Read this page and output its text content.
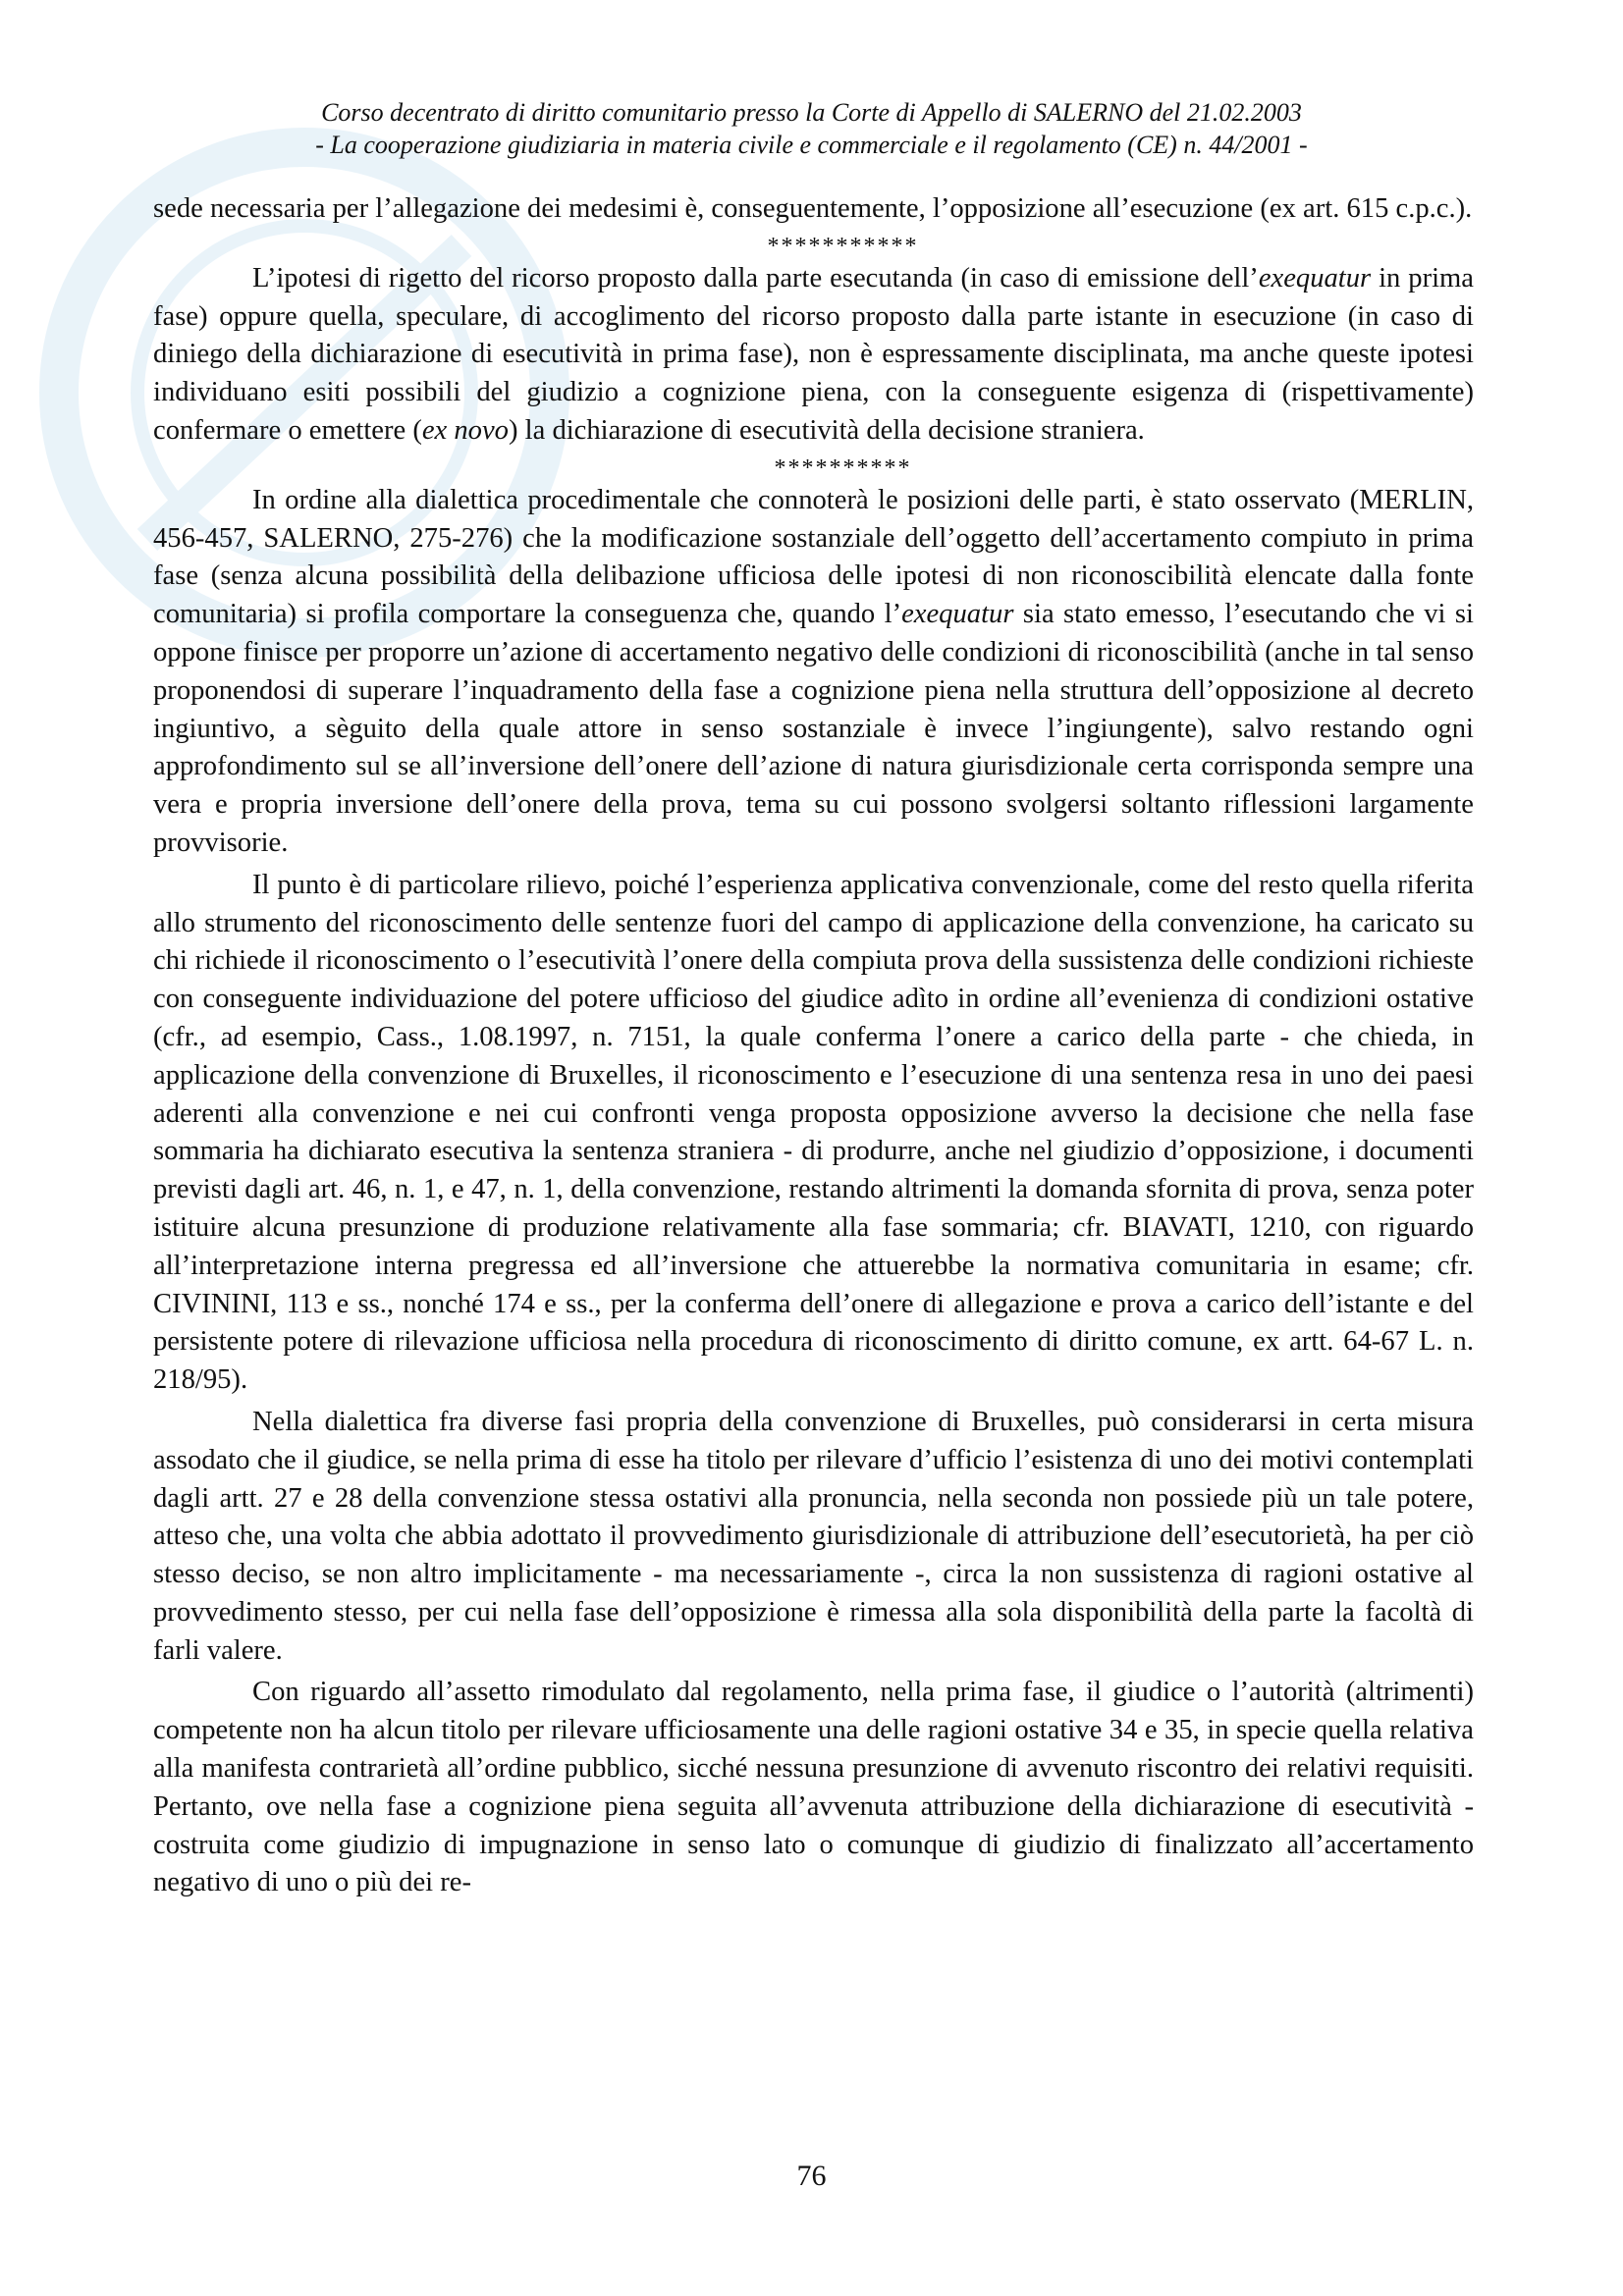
Corso decentrato di diritto comunitario presso la Corte di Appello di SALERNO del 21.02.2003
- La cooperazione giudiziaria in materia civile e commerciale e il regolamento (CE) n. 44/2001 -

sede necessaria per l’allegazione dei medesimi è, conseguentemente, l’opposizione all’esecuzione (ex art. 615 c.p.c.).

***********

L’ipotesi di rigetto del ricorso proposto dalla parte esecutanda (in caso di emissione dell’exequatur in prima fase) oppure quella, speculare, di accoglimento del ricorso proposto dalla parte istante in esecuzione (in caso di diniego della dichiarazione di esecutività in prima fase), non è espressamente disciplinata, ma anche queste ipotesi individuano esiti possibili del giudizio a cognizione piena, con la conseguente esigenza di (rispettivamente) confermare o emettere (ex novo) la dichiarazione di esecutività della decisione straniera.

**********

In ordine alla dialettica procedimentale che connoterà le posizioni delle parti, è stato osservato (MERLIN, 456-457, SALERNO, 275-276) che la modificazione sostanziale dell’oggetto dell’accertamento compiuto in prima fase (senza alcuna possibilità della delibazione ufficiosa delle ipotesi di non riconoscibilità elencate dalla fonte comunitaria) si profila comportare la conseguenza che, quando l’exequatur sia stato emesso, l’esecutando che vi si oppone finisce per proporre un’azione di accertamento negativo delle condizioni di riconoscibilità (anche in tal senso proponendosi di superare l’inquadramento della fase a cognizione piena nella struttura dell’opposizione al decreto ingiuntivo, a sèguito della quale attore in senso sostanziale è invece l’ingiungente), salvo restando ogni approfondimento sul se all’inversione dell’onere dell’azione di natura giurisdizionale certa corrisponda sempre una vera e propria inversione dell’onere della prova, tema su cui possono svolgersi soltanto riflessioni largamente provvisorie.

Il punto è di particolare rilievo, poiché l’esperienza applicativa convenzionale, come del resto quella riferita allo strumento del riconoscimento delle sentenze fuori del campo di applicazione della convenzione, ha caricato su chi richiede il riconoscimento o l’esecutività l’onere della compiuta prova della sussistenza delle condizioni richieste con conseguente individuazione del potere ufficioso del giudice adìto in ordine all’evenienza di condizioni ostative (cfr., ad esempio, Cass., 1.08.1997, n. 7151, la quale conferma l’onere a carico della parte - che chieda, in applicazione della convenzione di Bruxelles, il riconoscimento e l’esecuzione di una sentenza resa in uno dei paesi aderenti alla convenzione e nei cui confronti venga proposta opposizione avverso la decisione che nella fase sommaria ha dichiarato esecutiva la sentenza straniera - di produrre, anche nel giudizio d’opposizione, i documenti previsti dagli art. 46, n. 1, e 47, n. 1, della convenzione, restando altrimenti la domanda sfornita di prova, senza poter istituire alcuna presunzione di produzione relativamente alla fase sommaria; cfr. BIAVATI, 1210, con riguardo all’interpretazione interna pregressa ed all’inversione che attuerebbe la normativa comunitaria in esame; cfr. CIVININI, 113 e ss., nonché 174 e ss., per la conferma dell’onere di allegazione e prova a carico dell’istante e del persistente potere di rilevazione ufficiosa nella procedura di riconoscimento di diritto comune, ex artt. 64-67 L. n. 218/95).

Nella dialettica fra diverse fasi propria della convenzione di Bruxelles, può considerarsi in certa misura assodato che il giudice, se nella prima di esse ha titolo per rilevare d’ufficio l’esistenza di uno dei motivi contemplati dagli artt. 27 e 28 della convenzione stessa ostativi alla pronuncia, nella seconda non possiede più un tale potere, atteso che, una volta che abbia adottato il provvedimento giurisdizionale di attribuzione dell’esecutorietà, ha per ciò stesso deciso, se non altro implicitamente - ma necessariamente -, circa la non sussistenza di ragioni ostative al provvedimento stesso, per cui nella fase dell’opposizione è rimessa alla sola disponibilità della parte la facoltà di farli valere.

Con riguardo all’assetto rimodulato dal regolamento, nella prima fase, il giudice o l’autorità (altrimenti) competente non ha alcun titolo per rilevare ufficiosamente una delle ragioni ostative 34 e 35, in specie quella relativa alla manifesta contrarietà all’ordine pubblico, sicché nessuna presunzione di avvenuto riscontro dei relativi requisiti. Pertanto, ove nella fase a cognizione piena seguita all’avvenuta attribuzione della dichiarazione di esecutività - costruita come giudizio di impugnazione in senso lato o comunque di giudizio di finalizzato all’accertamento negativo di uno o più dei re-

76
